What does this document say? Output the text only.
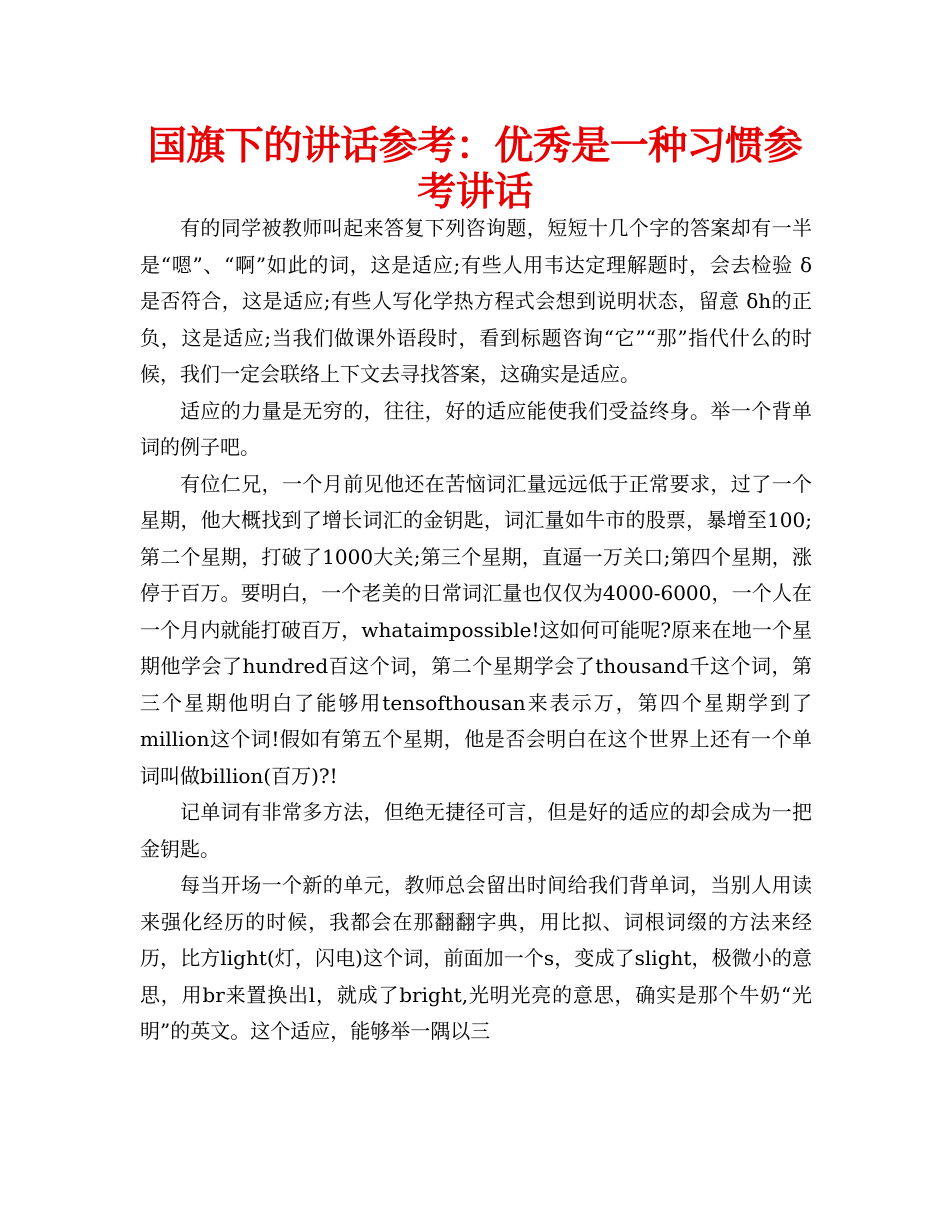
国旗下的讲话参考：优秀是一种习惯参考讲话

有的同学被教师叫起来答复下列咨询题，短短十几个字的答案却有一半是“嗯”、“啊”如此的词，这是适应;有些人用韦达定理解题时，会去检验 δ 是否符合，这是适应;有些人写化学热方程式会想到说明状态，留意 δh的正负，这是适应;当我们做课外语段时，看到标题咨询“它”“那”指代什么的时候，我们一定会联络上下文去寻找答案，这确实是适应。

适应的力量是无穷的，往往，好的适应能使我们受益终身。举一个背单词的例子吧。

有位仁兄，一个月前见他还在苦恼词汇量远远低于正常要求，过了一个星期，他大概找到了增长词汇的金钥匙，词汇量如牛市的股票，暴增至100;第二个星期，打破了1000大关;第三个星期，直逼一万关口;第四个星期，涨停于百万。要明白，一个老美的日常词汇量也仅仅为4000-6000，一个人在一个月内就能打破百万，whataimpossible!这如何可能呢?原来在地一个星期他学会了hundred百这个词，第二个星期学会了thousand千这个词，第三个星期他明白了能够用tensofthousan来表示万，第四个星期学到了million这个词!假如有第五个星期，他是否会明白在这个世界上还有一个单词叫做billion(百万)?!

记单词有非常多方法，但绝无捷径可言，但是好的适应的却会成为一把金钥匙。

每当开场一个新的单元，教师总会留出时间给我们背单词，当别人用读来强化经历的时候，我都会在那翻翻字典，用比拟、词根词缀的方法来经历，比方light(灯，闪电)这个词，前面加一个s，变成了slight，极微小的意思，用br来置换出l，就成了bright,光明光亮的意思，确实是那个牛奶“光明”的英文。这个适应，能够举一隅以三
